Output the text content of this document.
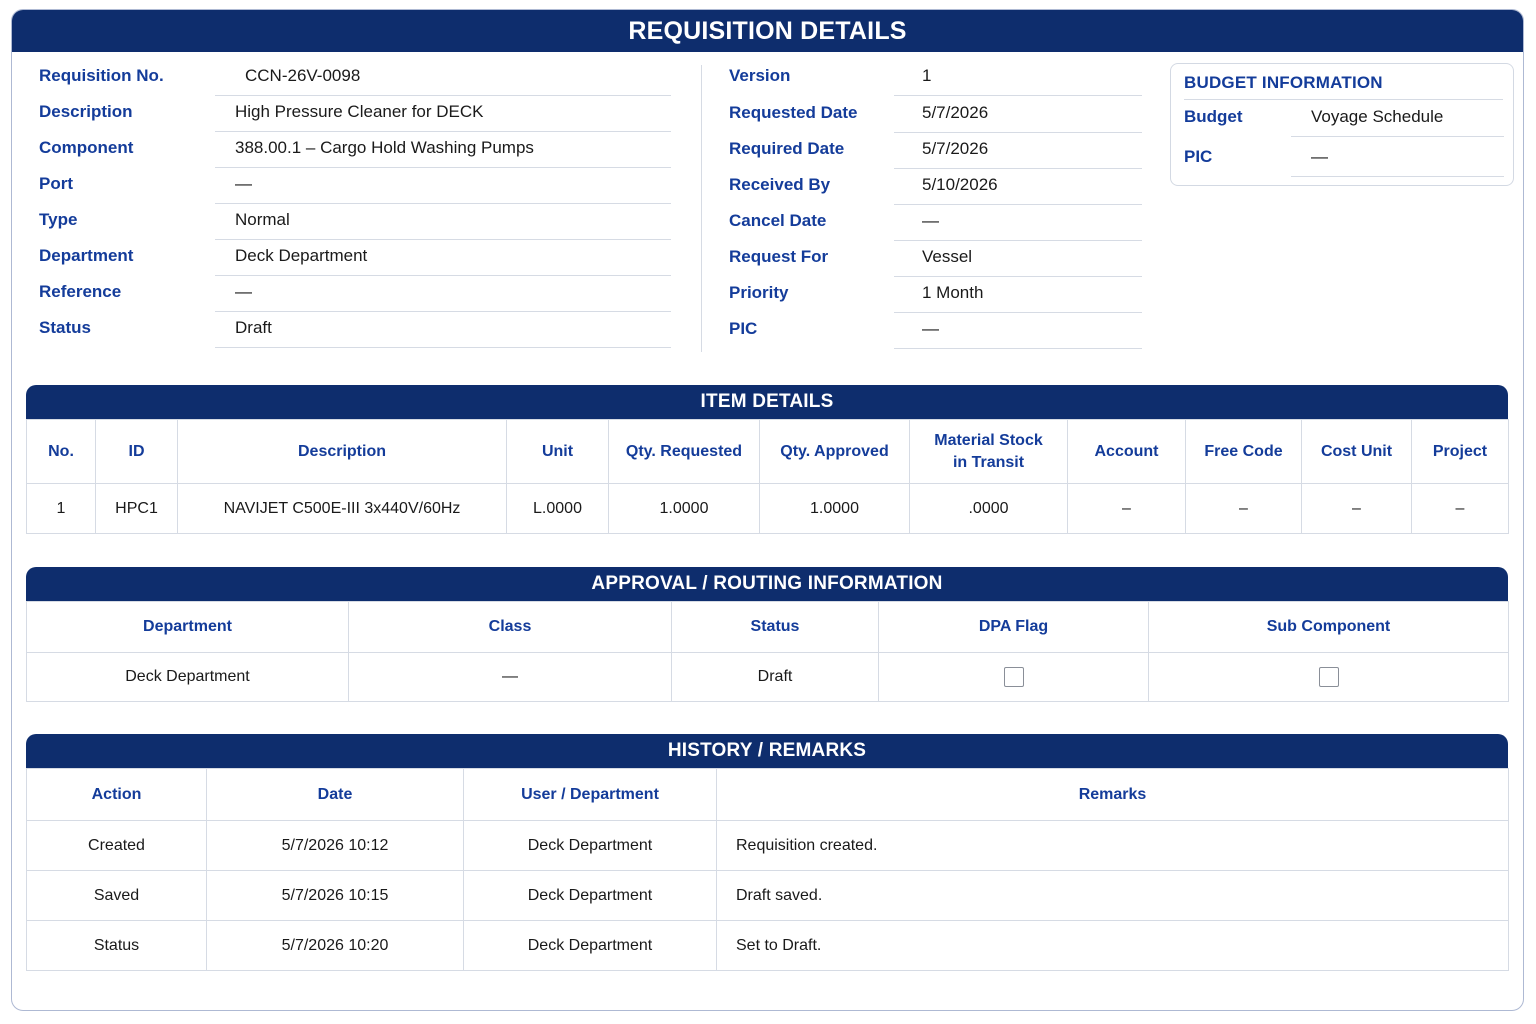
REQUISITION DETAILS
Requisition No.	CCN-26V-0098
Description	High Pressure Cleaner for DECK
Component	388.00.1 – Cargo Hold Washing Pumps
Port	—
Type	Normal
Department	Deck Department
Reference	—
Status	Draft
Version	1
Requested Date	5/7/2026
Required Date	5/7/2026
Received By	5/10/2026
Cancel Date	—
Request For	Vessel
Priority	1 Month
PIC	—
BUDGET INFORMATION
Budget	Voyage Schedule
PIC	—
ITEM DETAILS
No.	ID	Description	Unit	Qty. Requested	Qty. Approved	Material Stock in Transit	Account	Free Code	Cost Unit	Project
1	HPC1	NAVIJET C500E-III 3x440V/60Hz	L.0000	1.0000	1.0000	.0000	–	–	–	–
APPROVAL / ROUTING INFORMATION
Department	Class	Status	DPA Flag	Sub Component
Deck Department	—	Draft		
HISTORY / REMARKS
Action	Date	User / Department	Remarks
Created	5/7/2026 10:12	Deck Department	Requisition created.
Saved	5/7/2026 10:15	Deck Department	Draft saved.
Status	5/7/2026 10:20	Deck Department	Set to Draft.
